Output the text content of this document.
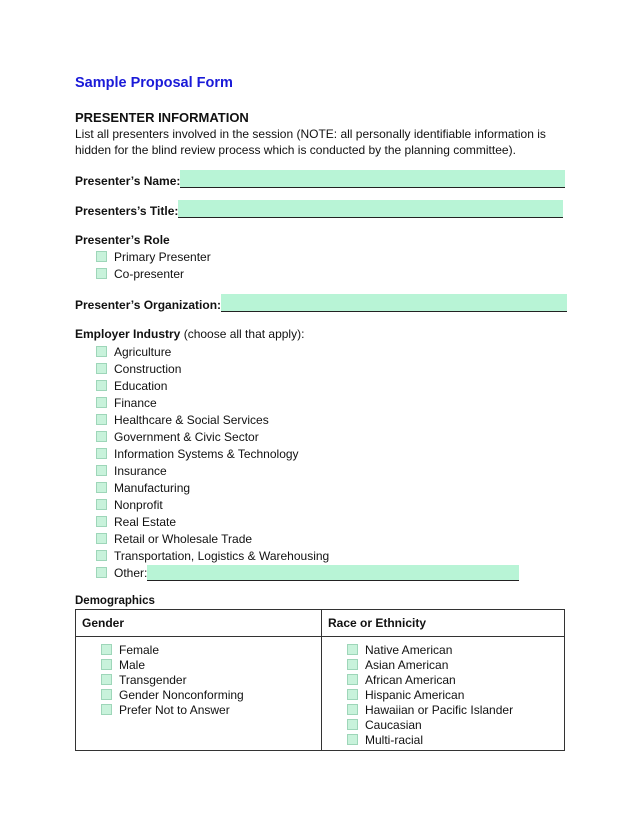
Sample Proposal Form
PRESENTER INFORMATION
List all presenters involved in the session (NOTE: all personally identifiable information is hidden for the blind review process which is conducted by the planning committee).
Presenter’s Name:
Presenters’s Title:
Presenter’s Role
Primary Presenter
Co-presenter
Presenter’s Organization:
Employer Industry (choose all that apply):
Agriculture
Construction
Education
Finance
Healthcare & Social Services
Government & Civic Sector
Information Systems & Technology
Insurance
Manufacturing
Nonprofit
Real Estate
Retail or Wholesale Trade
Transportation, Logistics & Warehousing
Other:
Demographics
Gender
Female
Male
Transgender
Gender Nonconforming
Prefer Not to Answer
Race or Ethnicity
Native American
Asian American
African American
Hispanic American
Hawaiian or Pacific Islander
Caucasian
Multi-racial
